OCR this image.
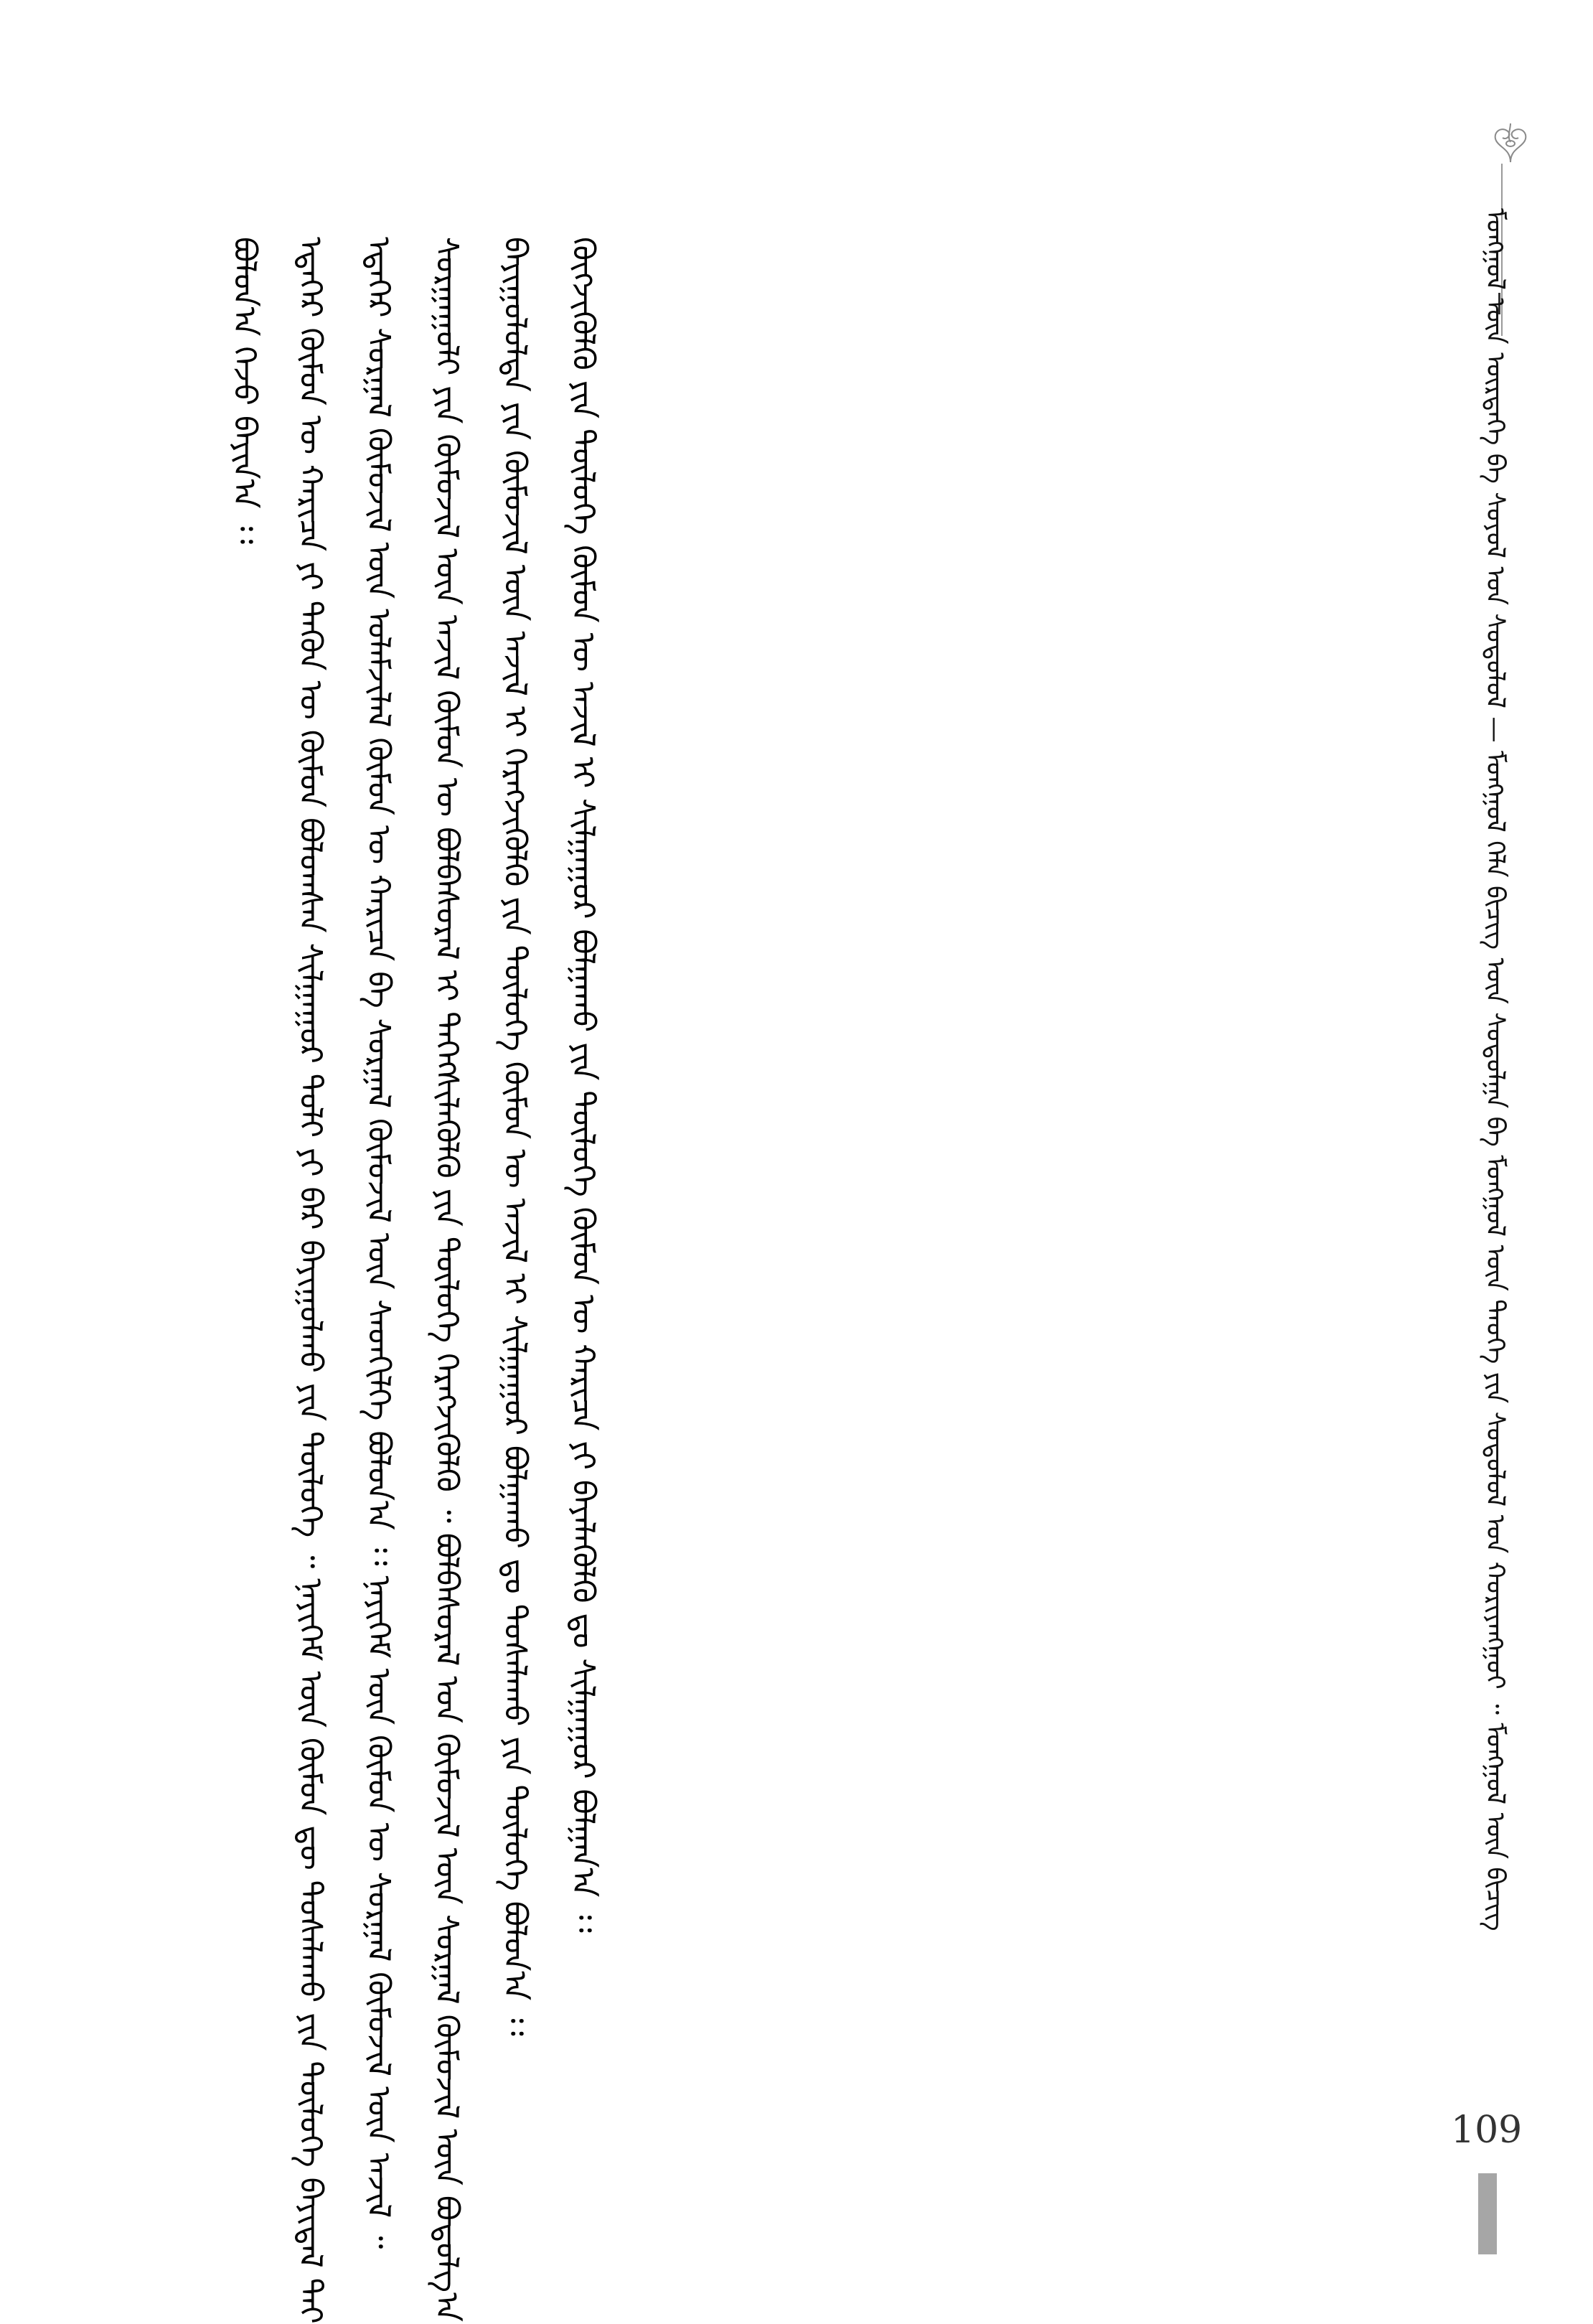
ᠮᠣᠩᠭᠣᠯ ᠦᠨ ᠦᠷᠲᠡᠭᠡ ᠪᠠ ᠰᠤᠶᠤᠯ ᠤᠨ ᠰᠤᠳᠤᠯᠤᠯ — ᠮᠣᠩᠭᠣᠯ ᠬᠡᠯᠡ ᠪᠢᠴᠢᠭ ᠦᠨ ᠰᠤᠳᠤᠯᠭᠠ ᠪᠠ ᠮᠣᠩᠭᠣᠯ ᠦᠨ ᠲᠡᠦᠬᠡ ᠶᠢᠨ ᠰᠤᠳᠤᠯᠤᠯ ᠤᠨ ᠬᠣᠷᠢᠶᠠᠩᠭᠤᠢ ᠃ ᠮᠣᠩᠭᠣᠯ ᠦᠨ ᠪᠢᠴᠢᠭ
ᠪᠤᠯᠤᠨ᠎ᠠ ᠭᠡᠵᠦ ᠪᠠᠶᠢᠨ᠎ᠠ ᠄᠄ ᠡᠳᠡᠭᠡᠷ ᠬᠦᠮᠦᠨ ᠦ ᠬᠠᠷᠢᠴᠠ ᠶᠢ ᠲᠡᠭᠦᠨ ᠦ ᠬᠦᠮᠦᠨ ᠪᠣᠯᠣᠭᠰᠠᠨ ᠰᠢᠯᠭᠠᠭᠤᠷ ᠳᠣᠯᠢ ᠶᠢ ᠪᠡᠷ ᠪᠠᠶᠢᠭᠤᠯᠬᠤ ᠶᠢᠨ ᠲᠥᠯᠥᠭᠡ ᠃ ᠨᠡᠶᠢᠭᠡᠮ ᠦᠨ ᠬᠦᠮᠦᠨ ᠳᠦ ᠲᠤᠰᠠᠯᠠᠬᠤ ᠶᠢᠨ ᠲᠥᠯᠥᠭᠡ ᠪᠠᠶᠢᠳᠠᠯ ᠲᠠᠢ ᠡᠳᠡᠭᠡᠷ ᠰᠤᠷᠭᠠᠯ ᠬᠦᠮᠦᠵᠢᠯ ᠦᠨ ᠤᠯᠠᠮᠵᠢᠯᠠᠯ ᠬᠦᠮᠦᠨ ᠦ ᠬᠠᠷᠢᠴᠠ ᠪᠠ ᠰᠤᠷᠭᠠᠯ ᠬᠦᠮᠦᠵᠢᠯ ᠦᠨ ᠰᠡᠳᠬᠢᠯᠭᠡ ᠪᠤᠯᠤᠨ᠎ᠠ ᠄᠄ ᠨᠡᠶᠢᠭᠡᠮ ᠦᠨ ᠬᠦᠮᠦᠨ ᠦ ᠰᠤᠷᠭᠠᠯ ᠬᠦᠮᠦᠵᠢᠯ ᠦᠨ ᠠᠵᠢᠯ ᠃ ᠰᠤᠷᠭᠠᠭᠤᠯᠢ ᠶᠢᠨ ᠬᠦᠮᠦᠵᠢᠯ ᠦᠨ ᠠᠵᠢᠯ ᠬᠦᠮᠦᠨ ᠦ ᠪᠣᠯᠪᠠᠰᠤᠷᠠᠯ ᠢ ᠳᠡᠭᠡᠭᠰᠢᠯᠡᠭᠦᠯᠬᠦ ᠶᠢᠨ ᠲᠥᠯᠥᠭᠡ ᠬᠡᠷᠡᠭᠵᠢᠭᠦᠯᠬᠦ ᠃ ᠪᠣᠯᠪᠠᠰᠤᠷᠠᠯ ᠤᠨ ᠬᠦᠮᠦᠵᠢᠯ ᠦᠨ ᠰᠤᠷᠭᠠᠯ ᠬᠦᠮᠦᠵᠢᠯ ᠦᠨ ᠪᠣᠳᠤᠯᠭ᠎ᠠ ᠪᠠᠶᠢᠭᠤᠯᠤᠯᠲᠠ ᠶᠢᠨ ᠬᠦᠮᠦᠵᠢᠯ ᠦᠨ ᠠᠵᠢᠯ ᠢ ᠬᠡᠷᠡᠭᠵᠢᠭᠦᠯᠬᠦ ᠶᠢᠨ ᠲᠥᠯᠥᠭᠡ ᠬᠦᠮᠦᠨ ᠦ ᠠᠵᠢᠯ ᠢ ᠰᠢᠯᠭᠠᠭᠤᠷ ᠪᠣᠯᠭᠠᠬᠤ ᠳᠤ ᠲᠤᠰᠠᠯᠠᠬᠤ ᠶᠢᠨ ᠲᠥᠯᠥᠭᠡ ᠪᠣᠯᠤᠨ᠎ᠠ ᠄᠄ ᠬᠥᠭᠵᠢᠭᠦᠯᠬᠦ ᠶᠢᠨ ᠲᠥᠯᠥᠭᠡ ᠬᠦᠮᠦᠨ ᠦ ᠠᠵᠢᠯ ᠢ ᠰᠢᠯᠭᠠᠭᠤᠷ ᠪᠣᠯᠭᠠᠬᠤ ᠶᠢᠨ ᠲᠥᠯᠥᠭᠡ ᠬᠦᠮᠦᠨ ᠦ ᠬᠠᠷᠢᠴᠠ ᠶᠢ ᠪᠡᠶᠡᠯᠡᠭᠦᠯᠬᠦ ᠳᠤ ᠰᠢᠯᠭᠠᠭᠤᠷ ᠪᠣᠯᠭᠠᠨ᠎ᠠ ᠄᠄
109
